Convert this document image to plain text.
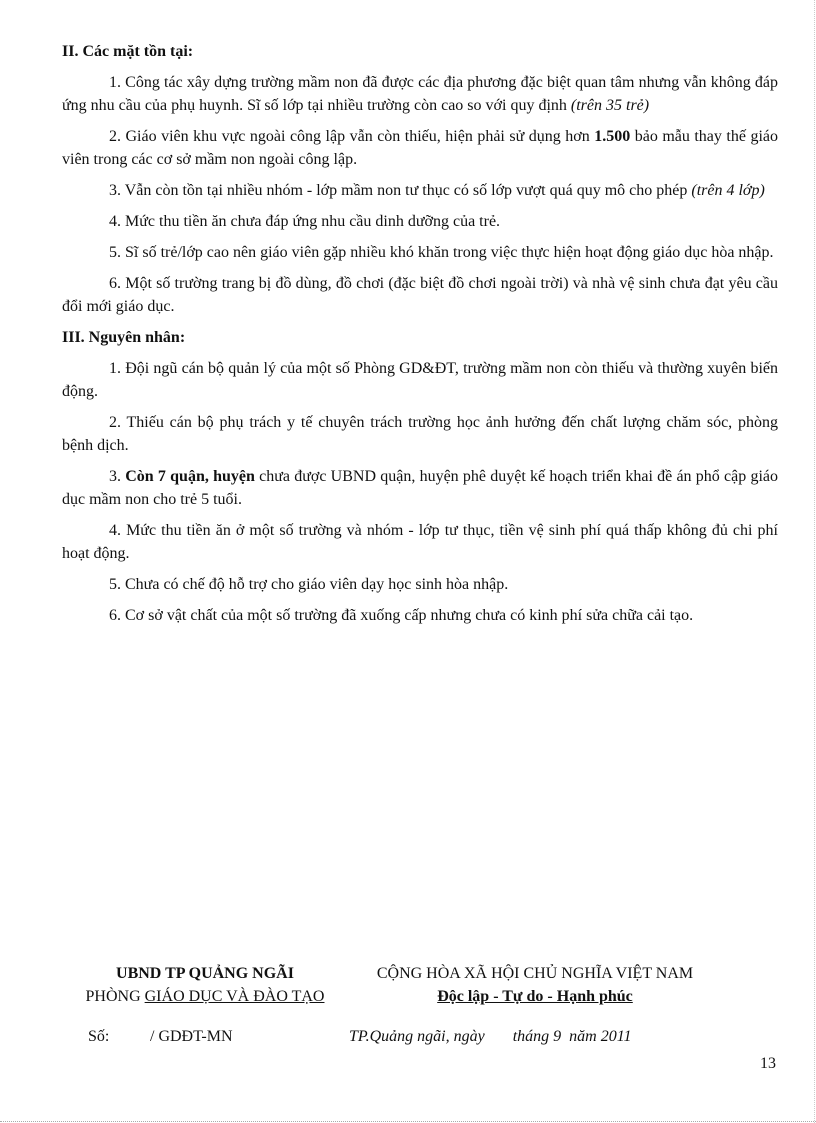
II. Các mặt tồn tại:

1. Công tác xây dựng trường mầm non đã được các địa phương đặc biệt quan tâm nhưng vẫn không đáp ứng nhu cầu của phụ huynh. Sĩ số lớp tại nhiều trường còn cao so với quy định (trên 35 trẻ)

2. Giáo viên khu vực ngoài công lập vẫn còn thiếu, hiện phải sử dụng hơn 1.500 bảo mẫu thay thế giáo viên trong các cơ sở mầm non ngoài công lập.

3. Vẫn còn tồn tại nhiều nhóm - lớp mầm non tư thục có số lớp vượt quá quy mô cho phép (trên 4 lớp)

4. Mức thu tiền ăn chưa đáp ứng nhu cầu dinh dưỡng của trẻ.

5. Sĩ số trẻ/lớp cao nên giáo viên gặp nhiều khó khăn trong việc thực hiện hoạt động giáo dục hòa nhập.

6. Một số trường trang bị đồ dùng, đồ chơi (đặc biệt đồ chơi ngoài trời) và nhà vệ sinh chưa đạt yêu cầu đổi mới giáo dục.

III. Nguyên nhân:

1. Đội ngũ cán bộ quản lý của một số Phòng GD&ĐT, trường mầm non còn thiếu và thường xuyên biến động.

2. Thiếu cán bộ phụ trách y tế chuyên trách trường học ảnh hưởng đến chất lượng chăm sóc, phòng bệnh dịch.

3. Còn 7 quận, huyện chưa được UBND quận, huyện phê duyệt kế hoạch triển khai đề án phổ cập giáo dục mầm non cho trẻ 5 tuổi.

4. Mức thu tiền ăn ở một số trường và nhóm - lớp tư thục, tiền vệ sinh phí quá thấp không đủ chi phí hoạt động.

5. Chưa có chế độ hỗ trợ cho giáo viên dạy học sinh hòa nhập.

6. Cơ sở vật chất của một số trường đã xuống cấp nhưng chưa có kinh phí sửa chữa cải tạo.

UBND TP QUẢNG NGÃI
PHÒNG GIÁO DỤC VÀ ĐÀO TẠO
CỘNG HÒA XÃ HỘI CHỦ NGHĨA VIỆT NAM
Độc lập - Tự do - Hạnh phúc
Số:	/ GDĐT-MN	TP.Quảng ngãi, ngày       tháng 9  năm 2011
13
